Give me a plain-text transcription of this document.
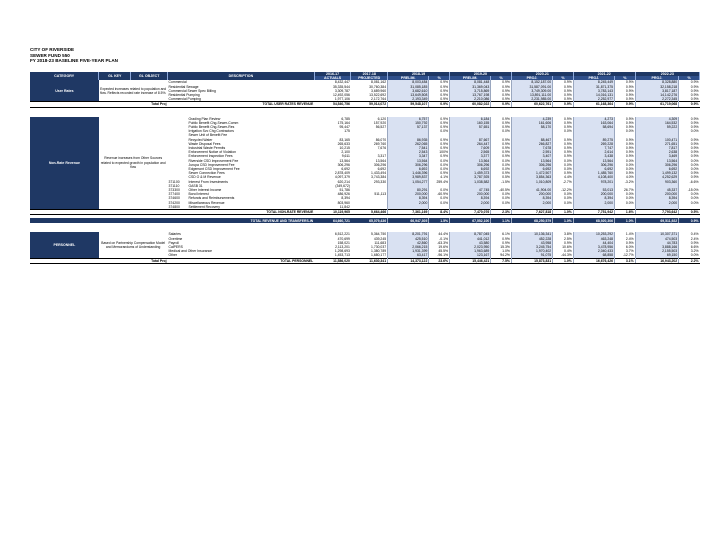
CITY OF RIVERSIDE
SEWER FUND 550
FY 2018-23 BASELINE FIVE-YEAR PLAN
CATEGORY	GL KEY	GL OBJECT	DESCRIPTION	2016-17	2017-18	2018-19		2019-20		2020-21		2021-22		2022-23	
				ACTUALS	PROJECTED	PRELIM.	%	PRELIM.	%	PROJ.	%	PROJ.	%	PROJ.	%
User Rates	Expected increases related to population and flow. Reflects recorded rate increase of 8.5%.		Commercial	8,432,447	8,081,162	8,003,484	0.9%	8,081,448	0.9%	8,152,187.00	0.9%	8,245,449	0.9%	8,328,880	0.9%
			Residential Sewage	35,335,544	30,760,384	31,085,185	0.9%	31,369,043	0.9%	31,587,091.00	0.9%	31,871,375	0.9%	32,158,218	0.9%
			Commercial Sewer Spec Billing	3,309,787	3,689,960	3,682,610	0.9%	3,715,869	0.9%	3,749,309.00	0.9%	3,783,143	0.9%	3,817,187	0.9%
			Residential Pumping	12,492,056	13,522,692	13,649,508	0.9%	13,767,198	0.9%	13,891,111.00	0.9%	14,016,131	0.9%	14,142,276	0.9%
			Commercial Pumping	1,977,106	2,172,764	2,193,349	0.9%	2,210,086	0.9%	2,231,985.00	0.9%	2,252,977	0.9%	2,272,345	0.9%
Total Proj			TOTAL USER RATES REVENUE	54,540,756	59,014,072	59,548,107	0.9%	60,082,022	0.9%	60,622,761	0.9%	61,168,364	0.9%	61,719,068	0.9%

Non-Rate Revenue	Revenue increases from Other Sources related to expected growth in population and flow		Grading Plan Review	6,785	6,120	6,757	0.9%	6,184	0.9%	4,239	0.9%	4,273	0.9%	4,309	0.9%
			Public Benefit Chg-Sewer-Comm	175,164	157,920	150,792	0.9%	160,155	0.9%	161,606	0.9%	163,064	0.9%	164,532	0.9%
			Public Benefit Chg-Sewer-Res	95,447	56,527	57,137	0.9%	57,651	0.9%	58,170	0.9%	58,694	0.9%	59,222	0.9%
			Irrigation Svc Chg Contractors	175			0.0%		0.0%		0.0%		0.0%		0.0%
			Sewer Unit of Benefit Fee												
			Recycled Water	83,165	86,070	86,935	0.9%	87,667	0.9%	88,467	0.9%	89,275	0.9%	100,471	0.9%
			Waste Disposal Fees	265,633	269,760	262,065	0.9%	264,447	0.9%	266,827	0.9%	269,228	0.9%	271,651	0.9%
			Industrial Waste Permits	10,215	7,676	7,541	0.9%	7,609	0.9%	7,678	0.9%	7,747	0.9%	7,817	0.9%
			Enforcement Notice of Violation	2,100		2,543	100%	2,565	0.9%	2,591	0.9%	2,614	0.9%	2,638	0.9%
			Enforcement Inspection Fees	9,611	3,317	3,347	0.9%	3,377	0.9%	3,407	0.9%	3,438	0.9%	3,469	0.9%
			Riverside CSD Improvement Fee	13,564	13,564	13,564	0.0%	13,564	0.0%	13,564	0.0%	13,564	0.0%	13,564	0.0%
			Jurupa CSD Improvement Fee	306,296	306,296	306,296	0.0%	306,296	0.0%	306,296	0.0%	306,296	0.0%	306,296	0.0%
			Edgemont CSD Improvement Fee	6,692	6,692	6,692	0.0%	6,692	0.0%	6,692	0.0%	6,692	0.0%	6,692	0.0%
			Sewer Connection Fees	2,878,409	1,433,494	1,446,396	0.9%	1,459,373	0.9%	1,472,507	0.9%	1,485,760	0.9%	1,499,132	0.9%
			CSD O & M Revenue	4,097,379	3,743,384	3,989,837	4.1%	3,787,925	0.5%	3,854,363	4.4%	4,108,400	4.0%	4,252,629	0.9%
			371100 Interest From Investments	620,214	293,330	1,054,277	259.4%	1,038,582	-1.5%	1,010,809	-2.7%	978,201	-3.2%	903,360	-6.6%
			371110 GASB 31	(349,672)											
			373300 Other Interest Income	51,786		80,291	0.0%	47,745	-40.5%	41,904.00	-12.2%	53,013	26.7%	45,337	-15.0%
			377400 Bond Interest	486,926	511,113	200,000	-60.9%	200,000	0.0%	200,000	0.0%	200,000	0.0%	200,000	0.0%
			374600 Refunds and Reimbursements	8,394		8,394	0.0%	8,394	0.0%	8,394	0.0%	8,394	0.0%	8,394	0.0%
			374200 Miscellaneous Revenue	803,960		2,000	0.0%	2,000	0.0%	2,000	0.0%	2,000	0.0%	2,000	0.0%
			374800 Settlement Recovery	11,842											
			TOTAL NON-RATE REVENUE	10,119,965	5,664,466	7,361,169	8.4%	7,470,076	2.3%	7,627,818	1.0%	7,751,942	1.6%	7,793,642	0.5%

TOTAL REVENUE AND TRANSFERS-IN				64,660,721	65,079,436	66,947,305	1.5%	67,552,100	1.1%	68,250,579	1.0%	68,920,306	1.0%	69,511,922	0.9%

PERSONNEL	Based on Partnership Compensation Model and Memorandums of Understanding		Salaries	6,512,221	5,364,750	8,201,791	44.4%	8,787,045	6.1%	10,136,341	3.8%	10,253,292	1.4%	10,307,371	0.4%
			Overtime	470,699	439,245	425,510	-0.1%	441,012	0.9%	452,228	2.5%	463,248	2.4%	474,503	2.4%
			Payroll	158,021	111,683	42,860	-63.3%	43,580	0.9%	43,958	0.9%	44,404	0.9%	44,783	0.9%
			CalPERS	2,113,201	1,730,037	2,066,215	19.6%	2,023,950	15.3%	3,245,754	10.6%	3,478,956	6.0%	3,888,166	6.6%
			Medical and Other Insurance	1,298,693	1,380,789	1,931,399	45.5%	1,963,689	1.0%	1,970,402	0.4%	2,040,433	3.7%	2,155,503	3.2%
			Other	1,453,713	1,680,177	63,417	-96.1%	123,167	94.2%	91,075	-44.3%	68,858	-12.7%	69,150	0.0%
Total Proj			TOTAL PERSONNEL	11,586,020	11,630,341	14,373,122	23.6%	15,446,421	7.5%	15,873,831	1.0%	16,676,426	3.1%	16,943,202	2.2%
